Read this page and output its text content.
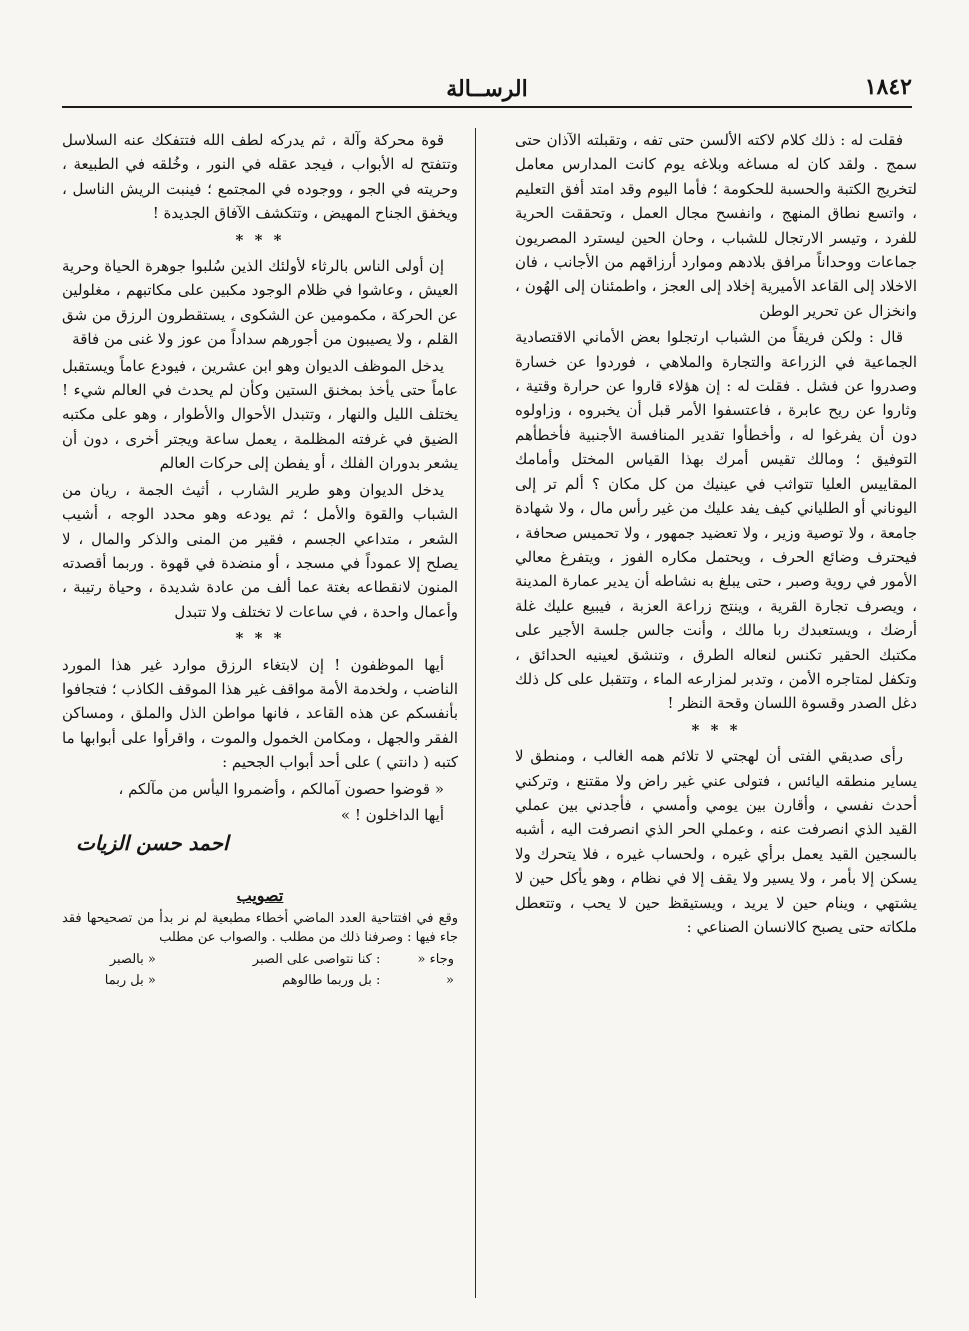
١٨٤٢
الرســالة

فقلت له : ذلك كلام لاكته الألسن حتى تفه ، وتقبلته الآذان حتى سمج . ولقد كان له مساغه وبلاغه يوم كانت المدارس معامل لتخريج الكتبة والحسبة للحكومة ؛ فأما اليوم وقد امتد أفق التعليم ، واتسع نطاق المنهج ، وانفسح مجال العمل ، وتحققت الحرية للفرد ، وتيسر الارتجال للشباب ، وحان الحين ليسترد المصريون جماعات ووحداناً مرافق بلادهم وموارد أرزاقهم من الأجانب ، فان الاخلاد إلى القاعد الأميرية إخلاد إلى العجز ، واطمئنان إلى الهُون ، وانخزال عن تحرير الوطن

قال : ولكن فريقاً من الشباب ارتجلوا بعض الأماني الاقتصادية الجماعية في الزراعة والتجارة والملاهي ، فوردوا عن خسارة وصدروا عن فشل . فقلت له : إن هؤلاء قاروا عن حرارة وقتية ، وثاروا عن ريح عابرة ، فاعتسفوا الأمر قبل أن يخبروه ، وزاولوه دون أن يفرغوا له ، وأخطأوا تقدير المنافسة الأجنبية فأخطأهم التوفيق ؛ ومالك تقيس أمرك بهذا القياس المختل وأمامك المقاييس العليا تتواثب في عينيك من كل مكان ؟ ألم تر إلى اليوناني أو الطلياني كيف يفد عليك من غير رأس مال ، ولا شهادة جامعة ، ولا توصية وزير ، ولا تعضيد جمهور ، ولا تحميس صحافة ، فيحترف وضائع الحرف ، ويحتمل مكاره الفوز ، ويتفرغ معالي الأمور في روية وصبر ، حتى يبلغ به نشاطه أن يدير عمارة المدينة ، ويصرف تجارة القرية ، وينتج زراعة العزبة ، فيبيع عليك غلة أرضك ، ويستعبدك ربا مالك ، وأنت جالس جلسة الأجير على مكتبك الحقير تكنس لنعاله الطرق ، وتنشق لعينيه الحدائق ، وتكفل لمتاجره الأمن ، وتدبر لمزارعه الماء ، وتتقبل على كل ذلك دغل الصدر وقسوة اللسان وقحة النظر !

* * *

رأى صديقي الفتى أن لهجتي لا تلائم همه الغالب ، ومنطق لا يساير منطقه اليائس ، فتولى عني غير راض ولا مقتنع ، وتركني أحدث نفسي ، وأقارن بين يومي وأمسي ، فأجدني بين عملي القيد الذي انصرفت عنه ، وعملي الحر الذي انصرفت اليه ، أشبه بالسجين القيد يعمل برأي غيره ، ولحساب غيره ، فلا يتحرك ولا يسكن إلا بأمر ، ولا يسير ولا يقف إلا في نظام ، وهو يأكل حين لا يشتهي ، وينام حين لا يريد ، ويستيقظ حين لا يحب ، وتتعطل ملكاته حتى يصبح كالانسان الصناعي :

قوة محركة وآلة ، ثم يدركه لطف الله فتتفكك عنه السلاسل وتتفتح له الأبواب ، فيجد عقله في النور ، وخُلقه في الطبيعة ، وحريته في الجو ، ووجوده في المجتمع ؛ فينبت الريش الناسل ، ويخفق الجناح المهيض ، وتتكشف الآفاق الجديدة !

* * *

إن أولى الناس بالرثاء لأولئك الذين سُلبوا جوهرة الحياة وحرية العيش ، وعاشوا في ظلام الوجود مكبين على مكاتبهم ، مغلولين عن الحركة ، مكمومين عن الشكوى ، يستقطرون الرزق من شق القلم ، ولا يصيبون من أجورهم سداداً من عوز ولا غنى من فاقة

يدخل الموظف الديوان وهو ابن عشرين ، فيودع عاماً ويستقبل عاماً حتى يأخذ بمخنق الستين وكأن لم يحدث في العالم شيء ! يختلف الليل والنهار ، وتتبدل الأحوال والأطوار ، وهو على مكتبه الضيق في غرفته المظلمة ، يعمل ساعة ويجتر أخرى ، دون أن يشعر بدوران الفلك ، أو يفطن إلى حركات العالم

يدخل الديوان وهو طرير الشارب ، أثيث الجمة ، ريان من الشباب والقوة والأمل ؛ ثم يودعه وهو محدد الوجه ، أشيب الشعر ، متداعي الجسم ، فقير من المنى والذكر والمال ، لا يصلح إلا عموداً في مسجد ، أو منضدة في قهوة . وربما أقصدته المنون لانقطاعه بغتة عما ألف من عادة شديدة ، وحياة رتيبة ، وأعمال واحدة ، في ساعات لا تختلف ولا تتبدل

* * *

أيها الموظفون ! إن لابتغاء الرزق موارد غير هذا المورد الناضب ، ولخدمة الأمة مواقف غير هذا الموقف الكاذب ؛ فتجافوا بأنفسكم عن هذه القاعد ، فانها مواطن الذل والملق ، ومساكن الفقر والجهل ، ومكامن الخمول والموت ، واقرأوا على أبوابها ما كتبه ( دانتي ) على أحد أبواب الجحيم :

« قوضوا حصون آمالكم ، وأضمروا اليأس من مآلكم ،

أيها الداخلون ! »

احمد حسن الزيات
تصويب

وقع في افتتاحية العدد الماضي أخطاء مطبعية لم نر بدأ من تصحيحها فقد جاء فيها : وصرفنا ذلك من مطلب . والصواب عن مطلب

وجاء «	: كنا نتواصى على الصبر	« بالصبر
«	: بل وربما طالوهم	« بل ربما
